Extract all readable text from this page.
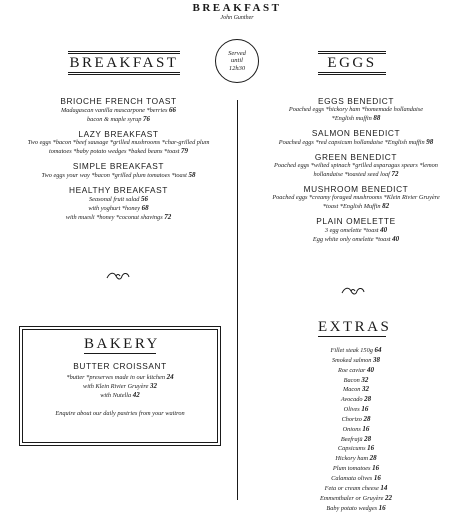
BREAKFAST
John Gunther
BREAKFAST
Served
until
12h30	EGGS
BRIOCHE FRENCH TOAST
Madagascan vanilla mascarpone *berries 66
bacon & maple syrup 76
LAZY BREAKFAST
Two eggs *bacon *beef sausage *grilled mushrooms *char-grilled plum
tomatoes *baby potato wedges *baked beans *toast 79
SIMPLE BREAKFAST
Two eggs your way *bacon *grilled plum tomatoes *toast 58
HEALTHY BREAKFAST
Seasonal fruit salad 56
with yoghurt *honey 68
with muesli *honey *coconut shavings 72
EGGS BENEDICT
Poached eggs *hickory ham *homemade hollandaise
*English muffin 88
SALMON BENEDICT
Poached eggs *red capsicum hollandaise *English muffin 98
GREEN BENEDICT
Poached eggs *wilted spinach *grilled asparagus spears *lemon
hollandaise *toasted seed loaf 72
MUSHROOM BENEDICT
Poached eggs *creamy foraged mushrooms *Klein Rivier Gruyère
*toast *English Muffin 82
PLAIN OMELETTE
3 egg omelette *toast 40
Egg white only omelette *toast 40
BAKERY
BUTTER CROISSANT
*butter *preserves made in our kitchen 24
with Klein Rivier Gruyère 32
with Nutella 42
Enquire about our daily pastries from your waitron
EXTRAS
Fillet steak 150g 64
Smoked salmon 38
Roe caviar 40
Bacon 32
Macon 32
Avocado 28
Olives 16
Chorizo 28
Onions 16
Beefrajū 28
Capsicums 16
Hickory ham 28
Plum tomatoes 16
Calamata olives 16
Feta or cream cheese 14
Emmenthaler or Gruyère 22
Baby potato wedges 16
